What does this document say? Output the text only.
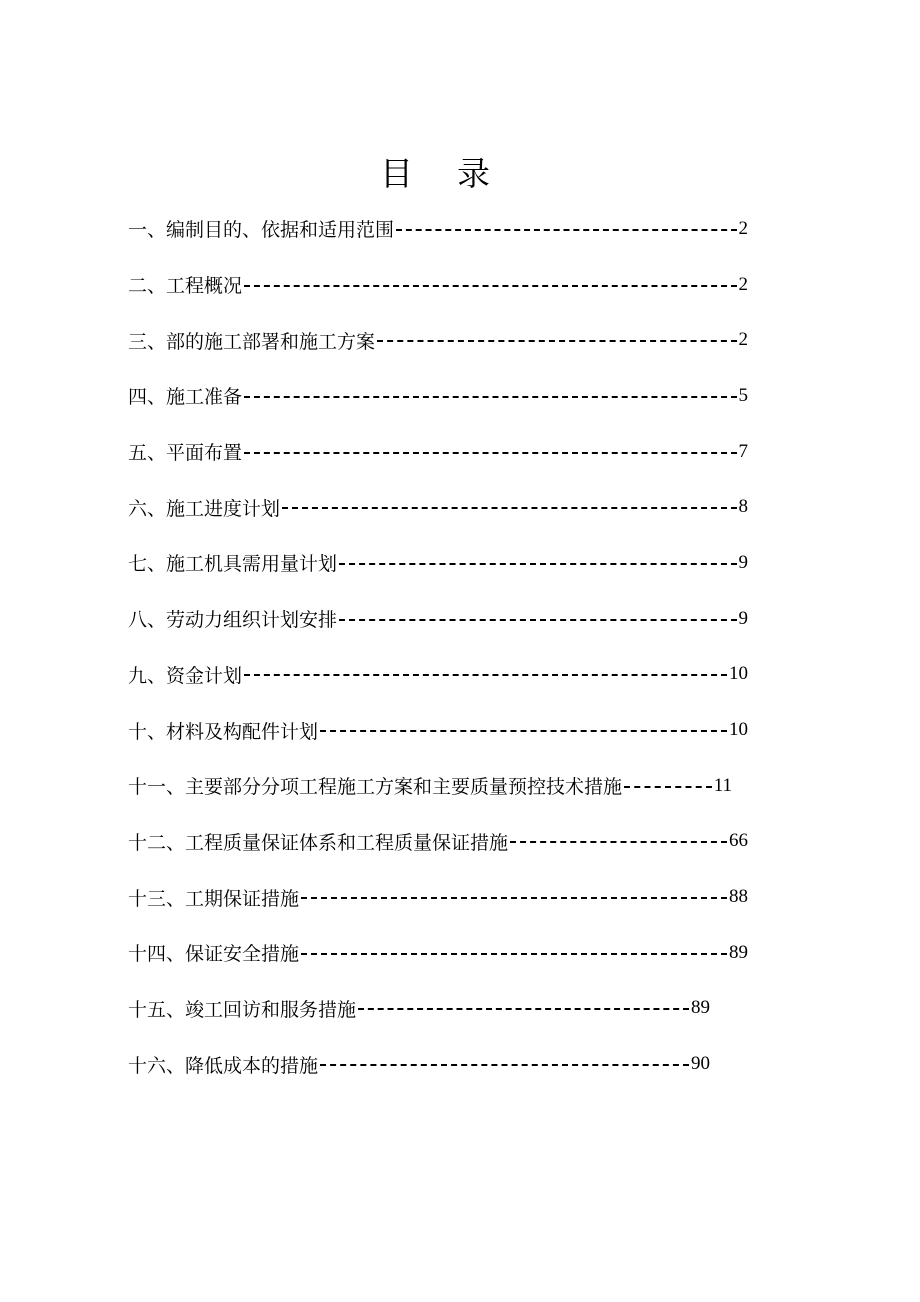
目 录
一、编制目的、依据和适用范围	2
二、工程概况	2
三、部的施工部署和施工方案	2
四、施工准备	5
五、平面布置	7
六、施工进度计划	8
七、施工机具需用量计划	9
八、劳动力组织计划安排	9
九、资金计划	10
十、材料及构配件计划	10
十一、主要部分分项工程施工方案和主要质量预控技术措施	11
十二、工程质量保证体系和工程质量保证措施	66
十三、工期保证措施	88
十四、保证安全措施	89
十五、竣工回访和服务措施	89
十六、降低成本的措施	90
